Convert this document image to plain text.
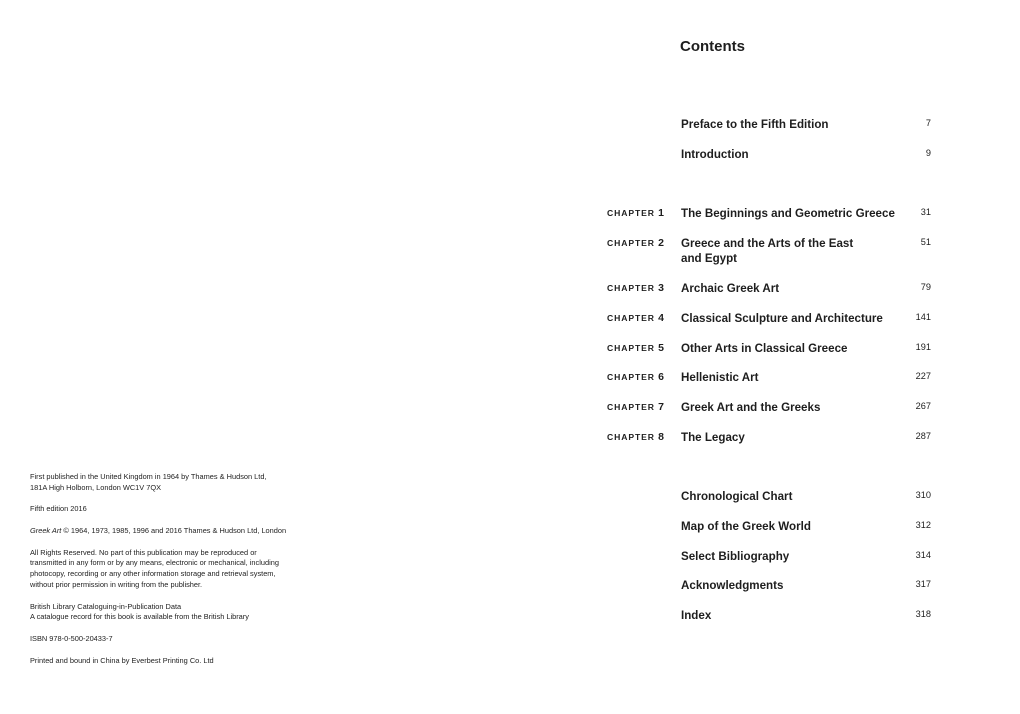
First published in the United Kingdom in 1964 by Thames & Hudson Ltd,
181A High Holborn, London WC1V 7QX

Fifth edition 2016

Greek Art © 1964, 1973, 1985, 1996 and 2016 Thames & Hudson Ltd, London

All Rights Reserved. No part of this publication may be reproduced or
transmitted in any form or by any means, electronic or mechanical, including
photocopy, recording or any other information storage and retrieval system,
without prior permission in writing from the publisher.

British Library Cataloguing-in-Publication Data
A catalogue record for this book is available from the British Library

ISBN 978-0-500-20433-7

Printed and bound in China by Everbest Printing Co. Ltd

Contents
Preface to the Fifth Edition	7
Introduction	9
CHAPTER 1 The Beginnings and Geometric Greece	31
CHAPTER 2 Greece and the Arts of the East and Egypt
51
CHAPTER 3 Archaic Greek Art	79
CHAPTER 4 Classical Sculpture and Architecture	141
CHAPTER 5 Other Arts in Classical Greece	191
CHAPTER 6 Hellenistic Art	227
CHAPTER 7 Greek Art and the Greeks	267
CHAPTER 8 The Legacy	287
Chronological Chart	310
Map of the Greek World	312
Select Bibliography	314
Acknowledgments	317
Index	318
